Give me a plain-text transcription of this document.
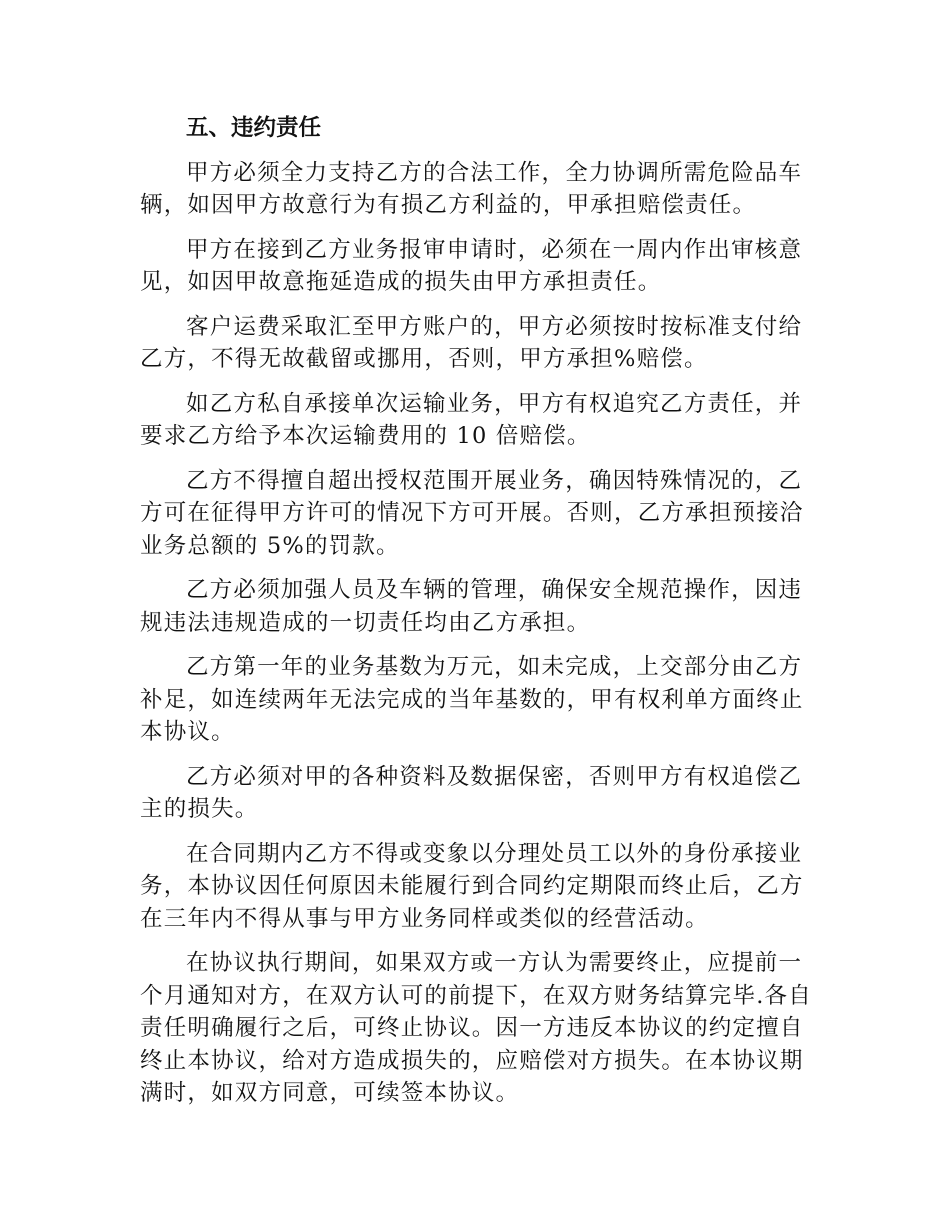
五、违约责任

甲方必须全力支持乙方的合法工作，全力协调所需危险品车辆，如因甲方故意行为有损乙方利益的，甲承担赔偿责任。

甲方在接到乙方业务报审申请时，必须在一周内作出审核意见，如因甲故意拖延造成的损失由甲方承担责任。

客户运费采取汇至甲方账户的，甲方必须按时按标准支付给乙方，不得无故截留或挪用，否则，甲方承担%赔偿。

如乙方私自承接单次运输业务，甲方有权追究乙方责任，并要求乙方给予本次运输费用的 10 倍赔偿。

乙方不得擅自超出授权范围开展业务，确因特殊情况的，乙方可在征得甲方许可的情况下方可开展。否则，乙方承担预接洽业务总额的 5%的罚款。

乙方必须加强人员及车辆的管理，确保安全规范操作，因违规违法违规造成的一切责任均由乙方承担。

乙方第一年的业务基数为万元，如未完成，上交部分由乙方补足，如连续两年无法完成的当年基数的，甲有权利单方面终止本协议。

乙方必须对甲的各种资料及数据保密，否则甲方有权追偿乙主的损失。

在合同期内乙方不得或变象以分理处员工以外的身份承接业务，本协议因任何原因未能履行到合同约定期限而终止后，乙方在三年内不得从事与甲方业务同样或类似的经营活动。

在协议执行期间，如果双方或一方认为需要终止，应提前一个月通知对方，在双方认可的前提下，在双方财务结算完毕.各自责任明确履行之后，可终止协议。因一方违反本协议的约定擅自终止本协议，给对方造成损失的，应赔偿对方损失。在本协议期满时，如双方同意，可续签本协议。
